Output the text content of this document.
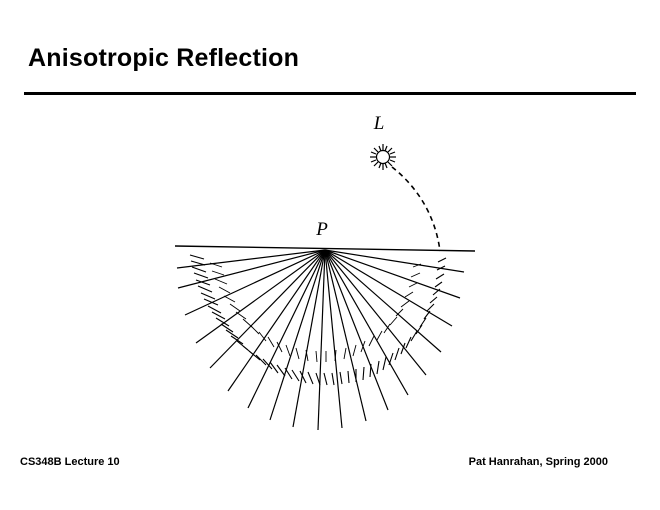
Anisotropic Reflection
L
P
CS348B Lecture 10	Pat Hanrahan, Spring 2000
